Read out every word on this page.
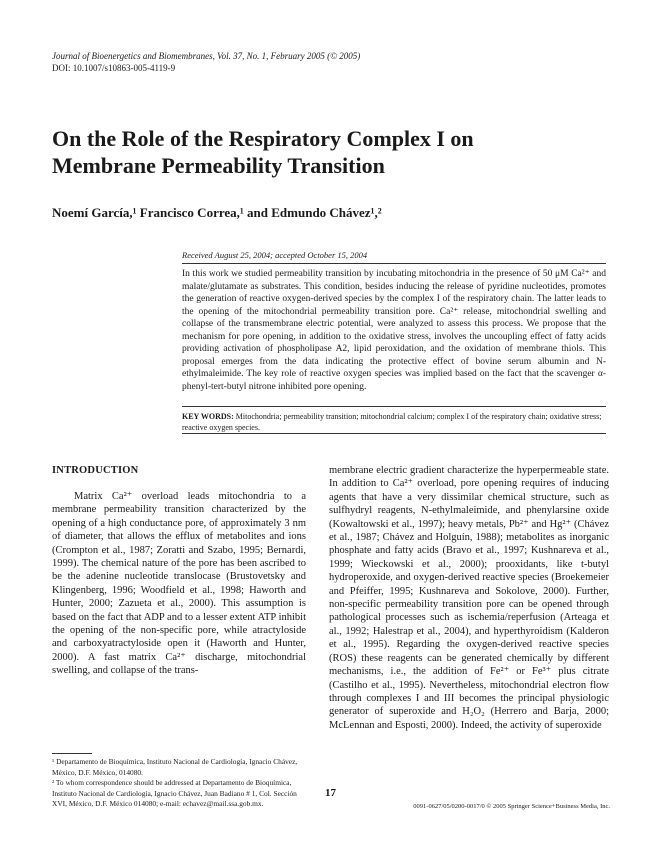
Journal of Bioenergetics and Biomembranes, Vol. 37, No. 1, February 2005 (© 2005)
DOI: 10.1007/s10863-005-4119-9
On the Role of the Respiratory Complex I on Membrane Permeability Transition
Noemí García,¹ Francisco Correa,¹ and Edmundo Chávez¹,²
Received August 25, 2004; accepted October 15, 2004
In this work we studied permeability transition by incubating mitochondria in the presence of 50 μM Ca²⁺ and malate/glutamate as substrates. This condition, besides inducing the release of pyridine nucleotides, promotes the generation of reactive oxygen-derived species by the complex I of the respiratory chain. The latter leads to the opening of the mitochondrial permeability transition pore. Ca²⁺ release, mitochondrial swelling and collapse of the transmembrane electric potential, were analyzed to assess this process. We propose that the mechanism for pore opening, in addition to the oxidative stress, involves the uncoupling effect of fatty acids providing activation of phospholipase A2, lipid peroxidation, and the oxidation of membrane thiols. This proposal emerges from the data indicating the protective effect of bovine serum albumin and N-ethylmaleimide. The key role of reactive oxygen species was implied based on the fact that the scavenger α-phenyl-tert-butyl nitrone inhibited pore opening.
KEY WORDS: Mitochondria; permeability transition; mitochondrial calcium; complex I of the respiratory chain; oxidative stress; reactive oxygen species.
INTRODUCTION
Matrix Ca²⁺ overload leads mitochondria to a membrane permeability transition characterized by the opening of a high conductance pore, of approximately 3 nm of diameter, that allows the efflux of metabolites and ions (Crompton et al., 1987; Zoratti and Szabo, 1995; Bernardi, 1999). The chemical nature of the pore has been ascribed to be the adenine nucleotide translocase (Brustovetsky and Klingenberg, 1996; Woodfield et al., 1998; Haworth and Hunter, 2000; Zazueta et al., 2000). This assumption is based on the fact that ADP and to a lesser extent ATP inhibit the opening of the non-specific pore, while atractyloside and carboxyatractyloside open it (Haworth and Hunter, 2000). A fast matrix Ca²⁺ discharge, mitochondrial swelling, and collapse of the trans-
membrane electric gradient characterize the hyperpermeable state. In addition to Ca²⁺ overload, pore opening requires of inducing agents that have a very dissimilar chemical structure, such as sulfhydryl reagents, N-ethylmaleimide, and phenylarsine oxide (Kowaltowski et al., 1997); heavy metals, Pb²⁺ and Hg²⁺ (Chávez et al., 1987; Chávez and Holguín, 1988); metabolites as inorganic phosphate and fatty acids (Bravo et al., 1997; Kushnareva et al., 1999; Wieckowski et al., 2000); prooxidants, like t-butyl hydroperoxide, and oxygen-derived reactive species (Broekemeier and Pfeiffer, 1995; Kushnareva and Sokolove, 2000). Further, non-specific permeability transition pore can be opened through pathological processes such as ischemia/reperfusion (Arteaga et al., 1992; Halestrap et al., 2004), and hyperthyroidism (Kalderon et al., 1995). Regarding the oxygen-derived reactive species (ROS) these reagents can be generated chemically by different mechanisms, i.e., the addition of Fe²⁺ or Fe³⁺ plus citrate (Castilho et al., 1995). Nevertheless, mitochondrial electron flow through complexes I and III becomes the principal physiologic generator of superoxide and H₂O₂ (Herrero and Barja, 2000; McLennan and Esposti, 2000). Indeed, the activity of superoxide
¹ Departamento de Bioquímica, Instituto Nacional de Cardiología, Ignacio Chávez, México, D.F. México, 014080.
² To whom correspondence should be addressed at Departamento de Bioquímica, Instituto Nacional de Cardiología, Ignacio Chávez, Juan Badiano # 1, Col. Sección XVI, México, D.F. México 014080; e-mail: echavez@mail.ssa.gob.mx.
17
0091-0627/05/0200-0017/0 © 2005 Springer Science+Business Media, Inc.
